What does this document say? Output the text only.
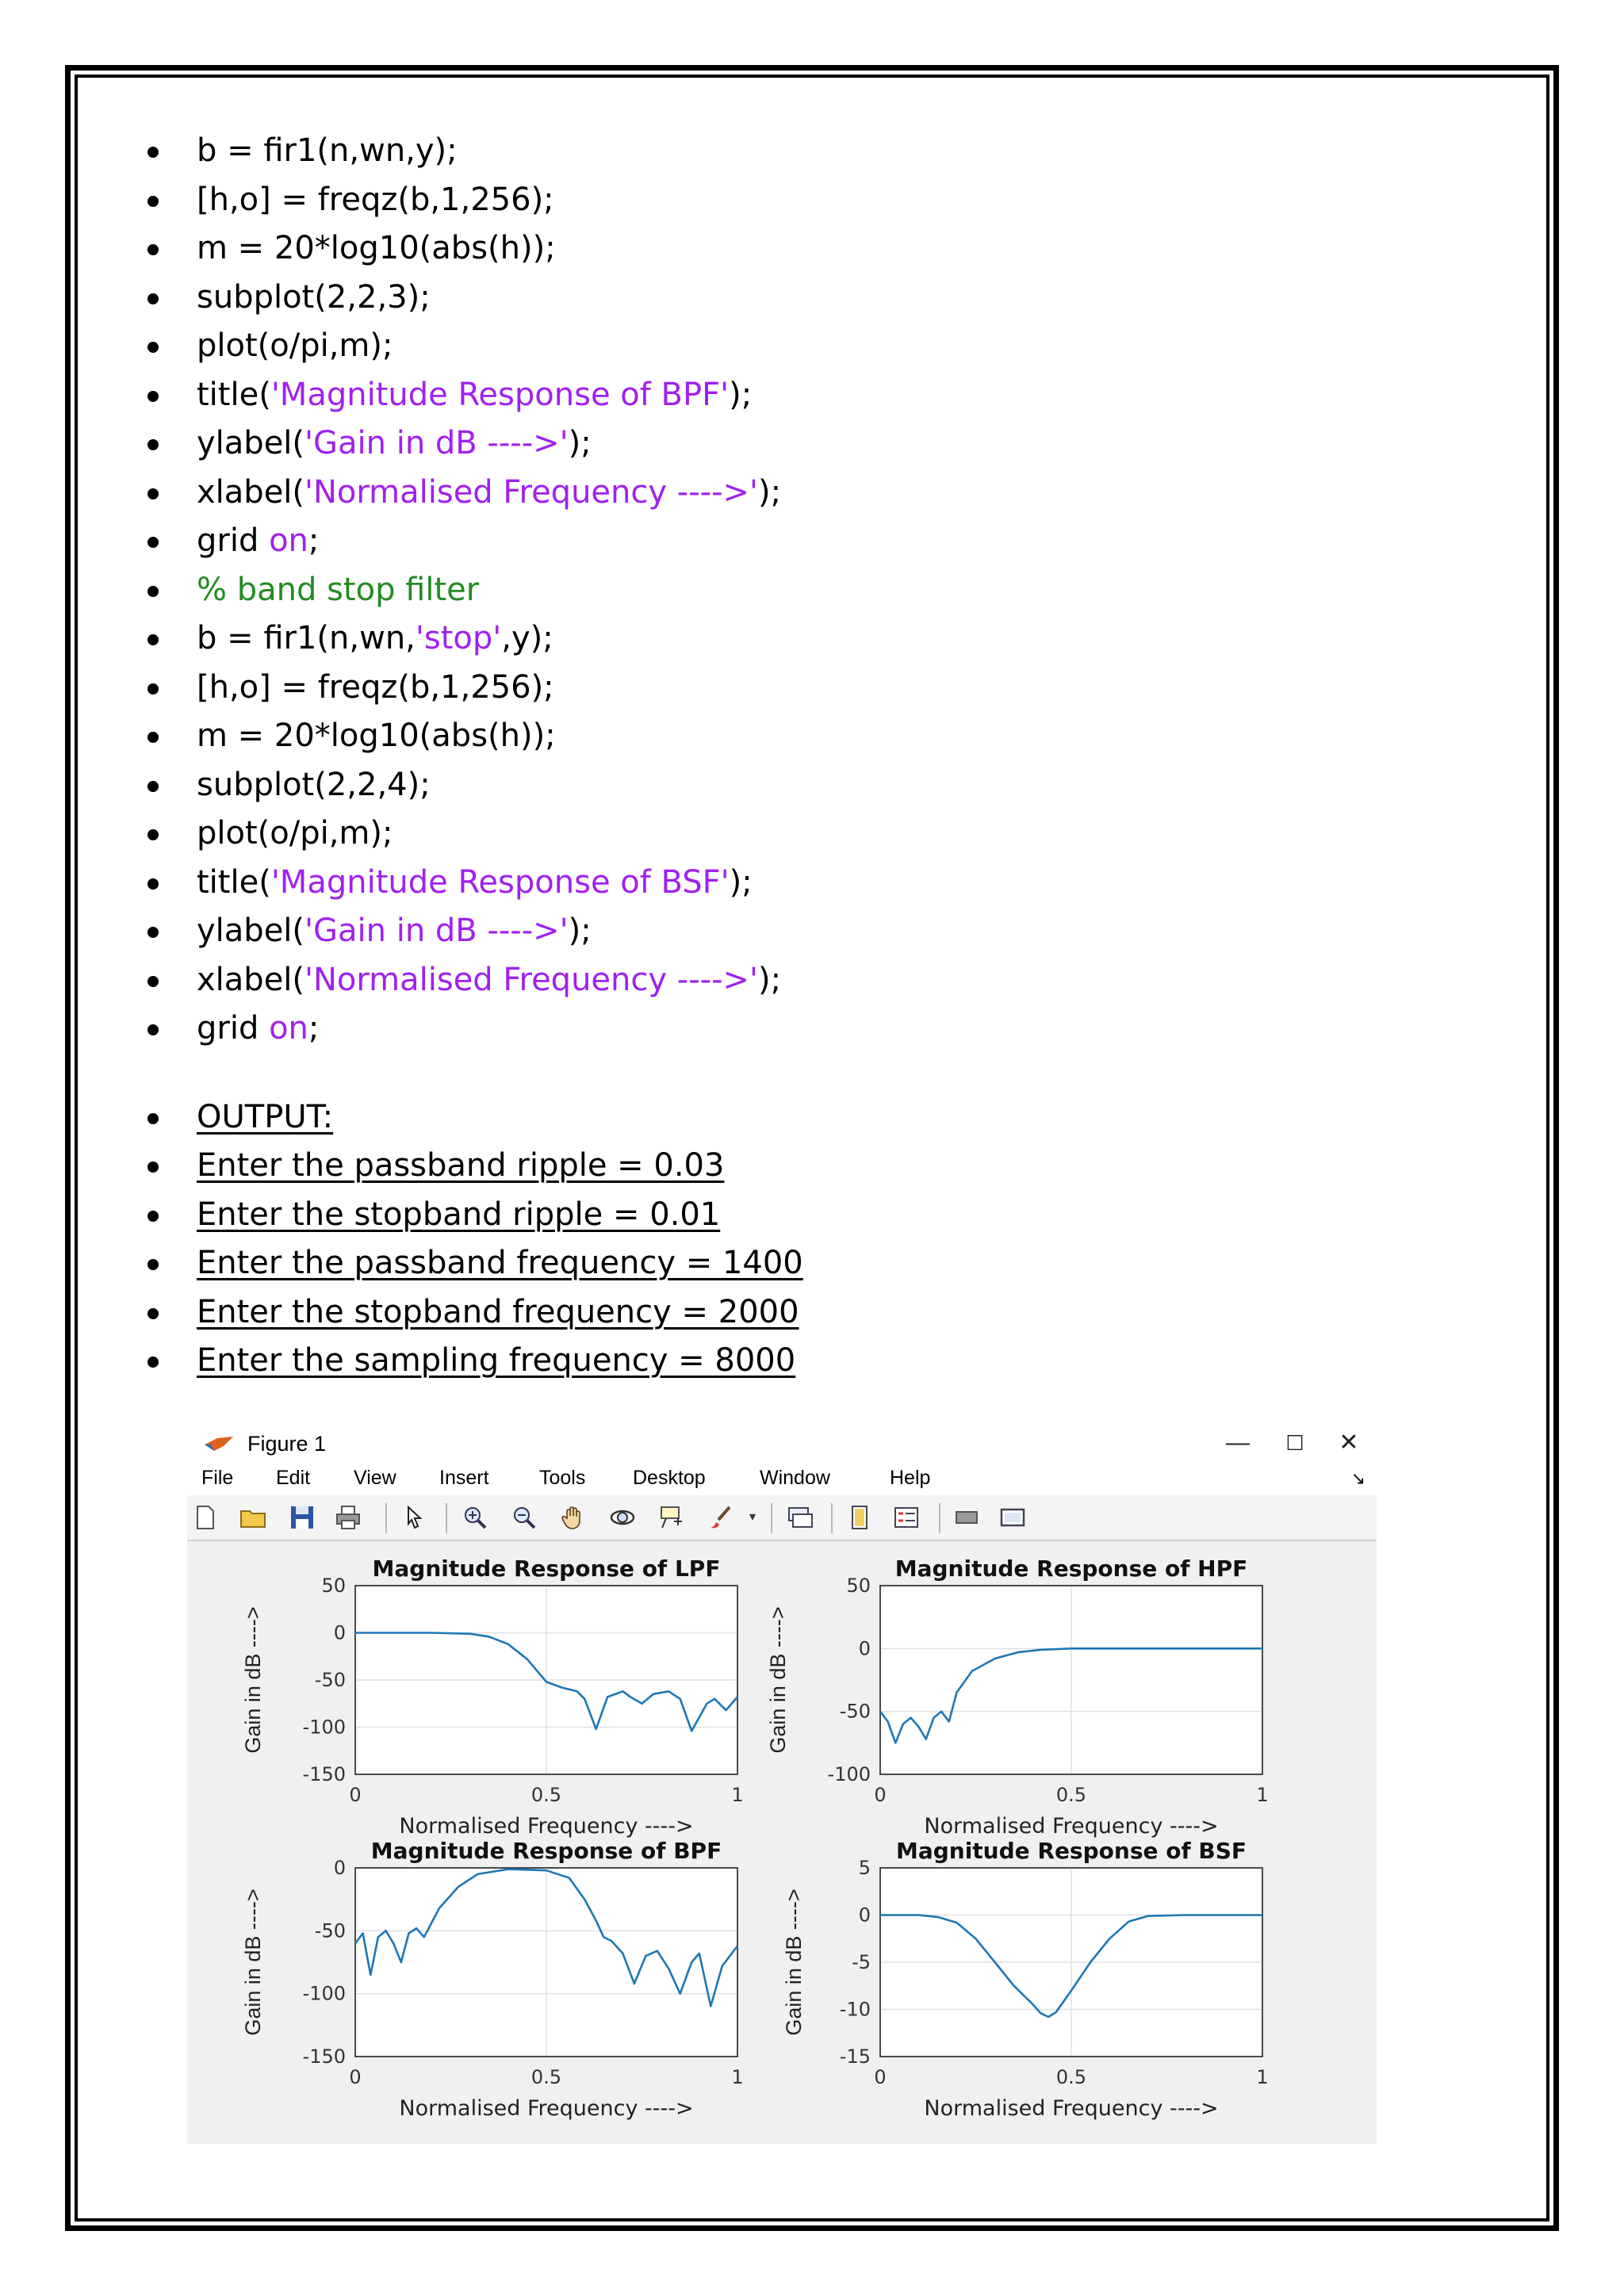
b = fir1(n,wn,y);
[h,o] = freqz(b,1,256);
m = 20*log10(abs(h));
subplot(2,2,3);
plot(o/pi,m);
title('Magnitude Response of BPF');
ylabel('Gain in dB ---->');
xlabel('Normalised Frequency ---->');
grid on;
% band stop filter
b = fir1(n,wn,'stop',y);
[h,o] = freqz(b,1,256);
m = 20*log10(abs(h));
subplot(2,2,4);
plot(o/pi,m);
title('Magnitude Response of BSF');
ylabel('Gain in dB ---->');
xlabel('Normalised Frequency ---->');
grid on;
OUTPUT:
Enter the passband ripple = 0.03
Enter the stopband ripple = 0.01
Enter the passband frequency = 1400
Enter the stopband frequency = 2000
Enter the sampling frequency = 8000
Figure 1	—	☐	✕
File Edit View Insert	Tools Desktop	Window	Help	↘
▾
0	0.5	1
50
0
-50
-100
-150
Magnitude Response of LPF
Normalised Frequency ---->
Gain in dB ---->
0	0.5	1
50
0
-50
-100
Magnitude Response of HPF
Normalised Frequency ---->
Gain in dB ---->
0	0.5	1
0
-50
-100
-150
Magnitude Response of BPF
Normalised Frequency ---->
Gain in dB ---->
0	0.5	1
5
0
-5
-10
-15
Magnitude Response of BSF
Normalised Frequency ---->
Gain in dB ---->
